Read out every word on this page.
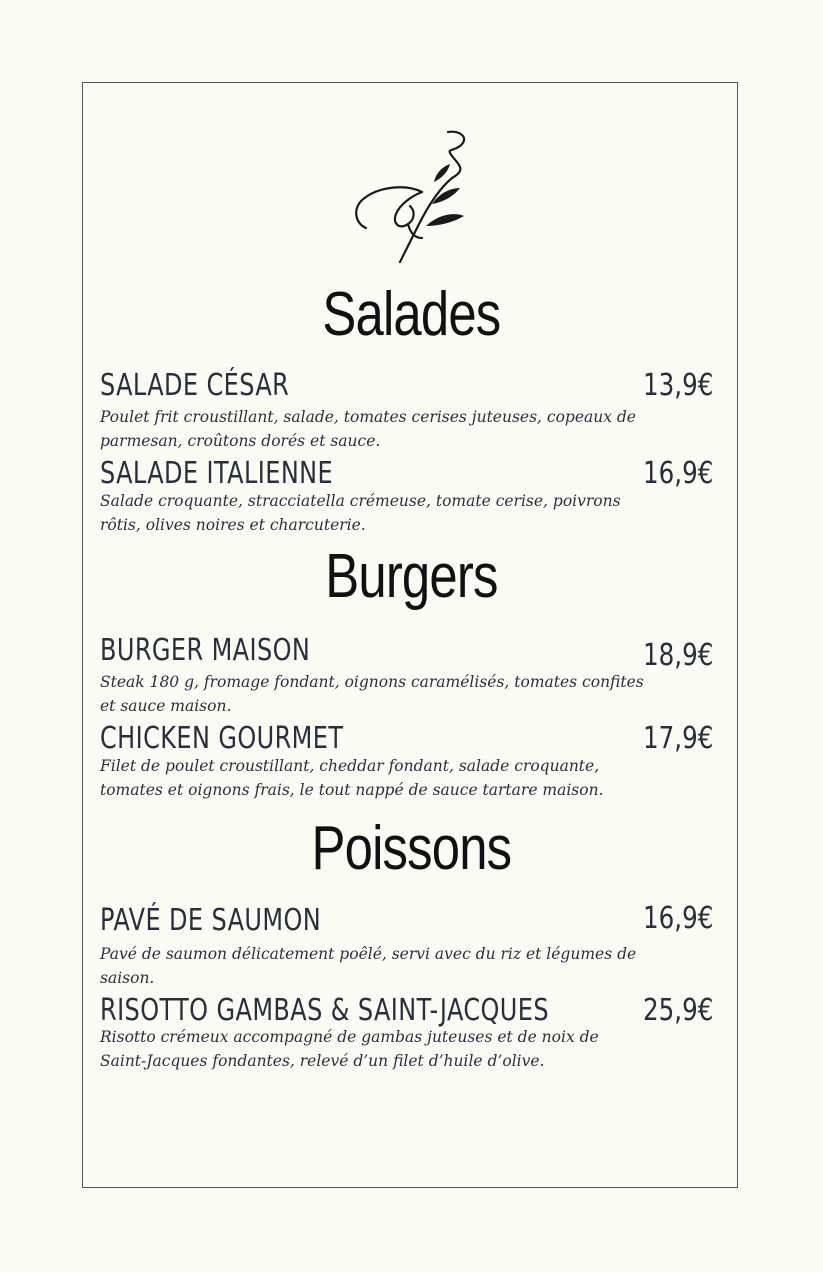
Salades
SALADE CÉSAR	13,9€
Poulet frit croustillant, salade, tomates cerises juteuses, copeaux de parmesan, croûtons dorés et sauce.
SALADE ITALIENNE	16,9€
Salade croquante, stracciatella crémeuse, tomate cerise, poivrons rôtis, olives noires et charcuterie.
Burgers
BURGER MAISON	18,9€
Steak 180 g, fromage fondant, oignons caramélisés, tomates confites et sauce maison.
CHICKEN GOURMET	17,9€
Filet de poulet croustillant, cheddar fondant, salade croquante, tomates et oignons frais, le tout nappé de sauce tartare maison.
Poissons
PAVÉ DE SAUMON	16,9€
Pavé de saumon délicatement poêlé, servi avec du riz et légumes de saison.
RISOTTO GAMBAS & SAINT-JACQUES	25,9€
Risotto crémeux accompagné de gambas juteuses et de noix de Saint-Jacques fondantes, relevé d’un filet d’huile d’olive.
